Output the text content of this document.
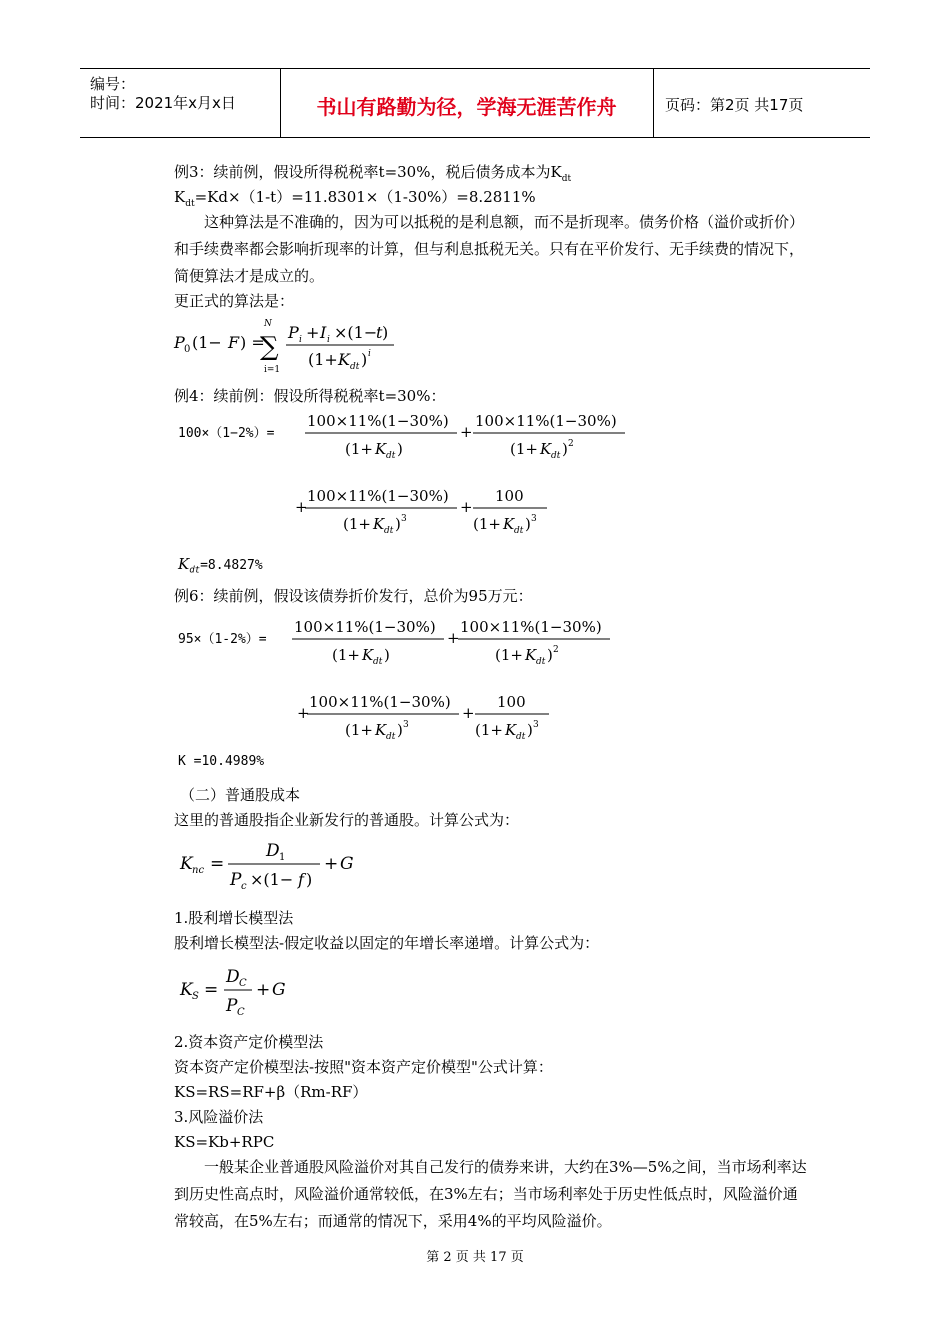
编号：
时间：2021年x月x日	书山有路勤为径，学海无涯苦作舟	页码：第2页 共17页
例3：续前例，假设所得税税率t=30%，税后债务成本为$K_{dt}$
$K_{dt}=Kd\times(1-t)=11.8301\times(1-30\%)=8.2811\%$
这种算法是不准确的，因为可以抵税的是利息额，而不是折现率。债务价格（溢价或折价）和手续费率都会影响折现率的计算，但与利息抵税无关。只有在平价发行、无手续费的情况下，简便算法才是成立的。
更正式的算法是：
P 0 (1− F ) =
N
∑
i=1
P i + I i ×(1−
t )
(1+ K dt ) i
例4：续前例：假设所得税税率t=30%：
100×（1−2%）=
100×11%(1−30%)
(1+ K dt )
+
100×11%(1−30%)
(1+ K dt ) 2
+
100×11%(1−30%)
(1+ K dt ) 3
+
100
(1+ K dt ) 3
$K_{dt}=8.4827\%$
例6：续前例，假设该债券折价发行，总价为95万元：
95×（1-2%）=
100×11%(1−30%)
(1+ K dt )
+
100×11%(1−30%)
(1+ K dt ) 2
+
100×11%(1−30%)
(1+ K dt ) 3
+
100
(1+ K dt ) 3
K =10.4989%
（二）普通股成本
这里的普通股指企业新发行的普通股。计算公式为：
K nc =
D 1
P c ×(1− f )
+ G
1.股利增长模型法
股利增长模型法-假定收益以固定的年增长率递增。计算公式为：
K S =
D C
P C
+ G
2.资本资产定价模型法
资本资产定价模型法-按照"资本资产定价模型"公式计算：
KS=RS=RF+β（Rm-RF）
3.风险溢价法
KS=Kb+RPC
一般某企业普通股风险溢价对其自己发行的债券来讲，大约在3%—5%之间，当市场利率达到历史性高点时，风险溢价通常较低，在3%左右；当市场利率处于历史性低点时，风险溢价通常较高，在5%左右；而通常的情况下，采用4%的平均风险溢价。
第 2 页 共 17 页
